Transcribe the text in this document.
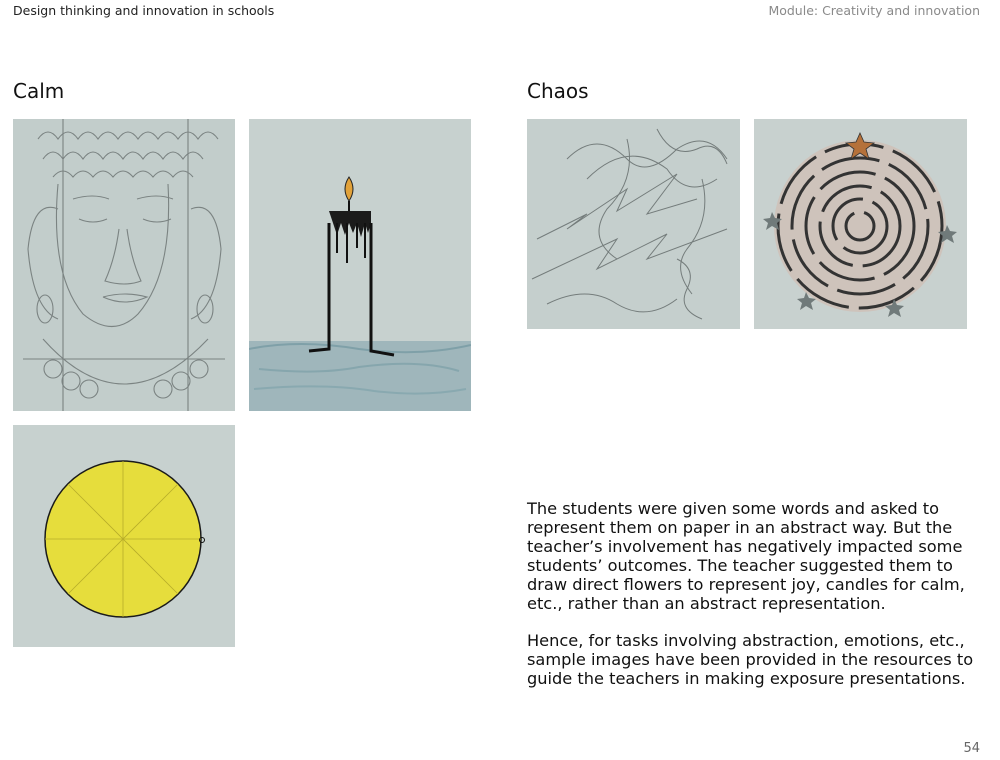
Design thinking and innovation in schools	Module: Creativity and innovation
Calm	Chaos

The students were given some words and asked to represent them on paper in an abstract way. But the teacher’s involvement has negatively impacted some students’ outcomes. The teacher suggested them to draw direct flowers to represent joy, candles for calm, etc., rather than an abstract representation.

Hence, for tasks involving abstraction, emotions, etc., sample images have been provided in the resources to guide the teachers in making exposure presentations.

54
